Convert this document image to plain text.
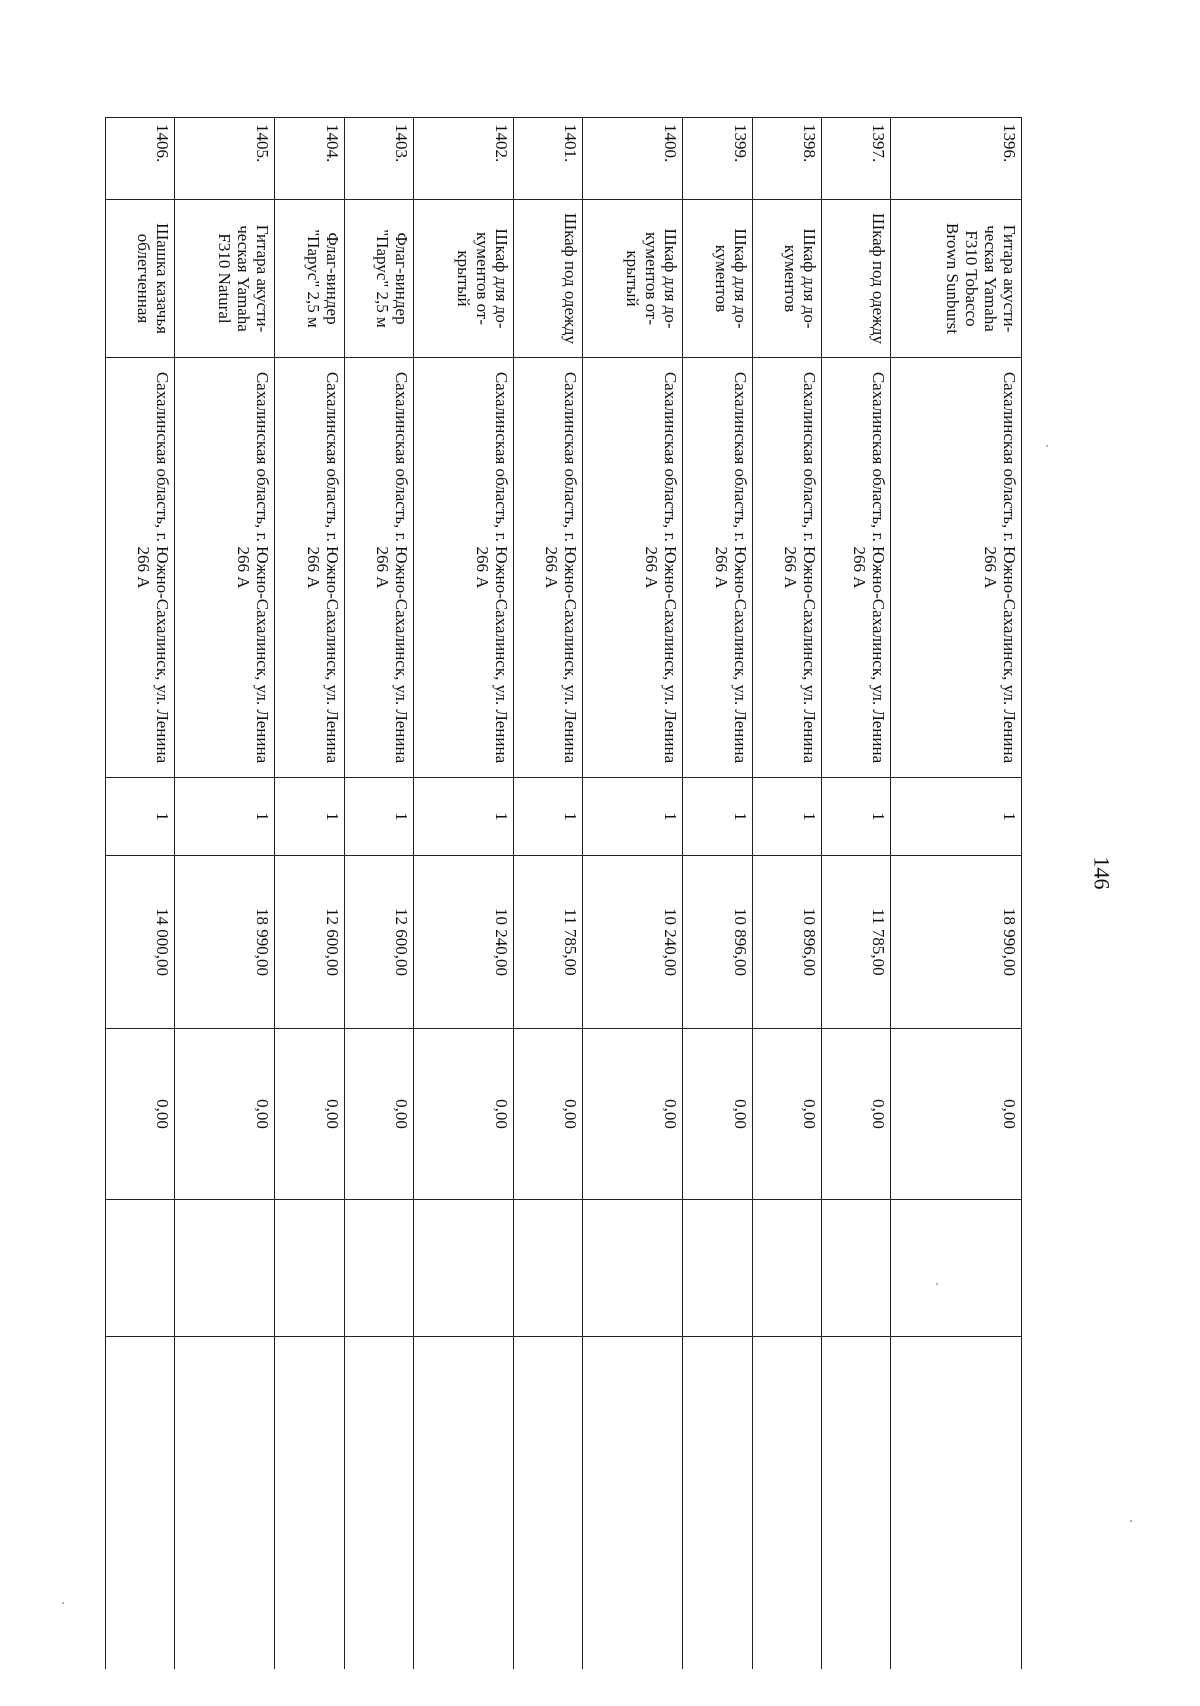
146
1396.	Гитара акусти-ческая Yamaha F310 Tobacco Brown Sunburst	Сахалинская область, г. Южно-Сахалинск, ул. Ленина 266 А	1	18 990,00	0,00		
1397.	Шкаф под одежду	Сахалинская область, г. Южно-Сахалинск, ул. Ленина 266 А	1	11 785,00	0,00		
1398.	Шкаф для до-кументов	Сахалинская область, г. Южно-Сахалинск, ул. Ленина 266 А	1	10 896,00	0,00		
1399.	Шкаф для до-кументов	Сахалинская область, г. Южно-Сахалинск, ул. Ленина 266 А	1	10 896,00	0,00		
1400.	Шкаф для до-кументов от-крытый	Сахалинская область, г. Южно-Сахалинск, ул. Ленина 266 А	1	10 240,00	0,00		
1401.	Шкаф под одежду	Сахалинская область, г. Южно-Сахалинск, ул. Ленина 266 А	1	11 785,00	0,00		
1402.	Шкаф для до-кументов от-крытый	Сахалинская область, г. Южно-Сахалинск, ул. Ленина 266 А	1	10 240,00	0,00		
1403.	Флаг-виндер "Парус" 2,5 м	Сахалинская область, г. Южно-Сахалинск, ул. Ленина 266 А	1	12 600,00	0,00		
1404.	Флаг-виндер "Парус" 2,5 м	Сахалинская область, г. Южно-Сахалинск, ул. Ленина 266 А	1	12 600,00	0,00		
1405.	Гитара акусти-ческая Yamaha F310 Natural	Сахалинская область, г. Южно-Сахалинск, ул. Ленина 266 А	1	18 990,00	0,00		
1406.	Шашка казачья облегченная	Сахалинская область, г. Южно-Сахалинск, ул. Ленина 266 А	1	14 000,00	0,00		
